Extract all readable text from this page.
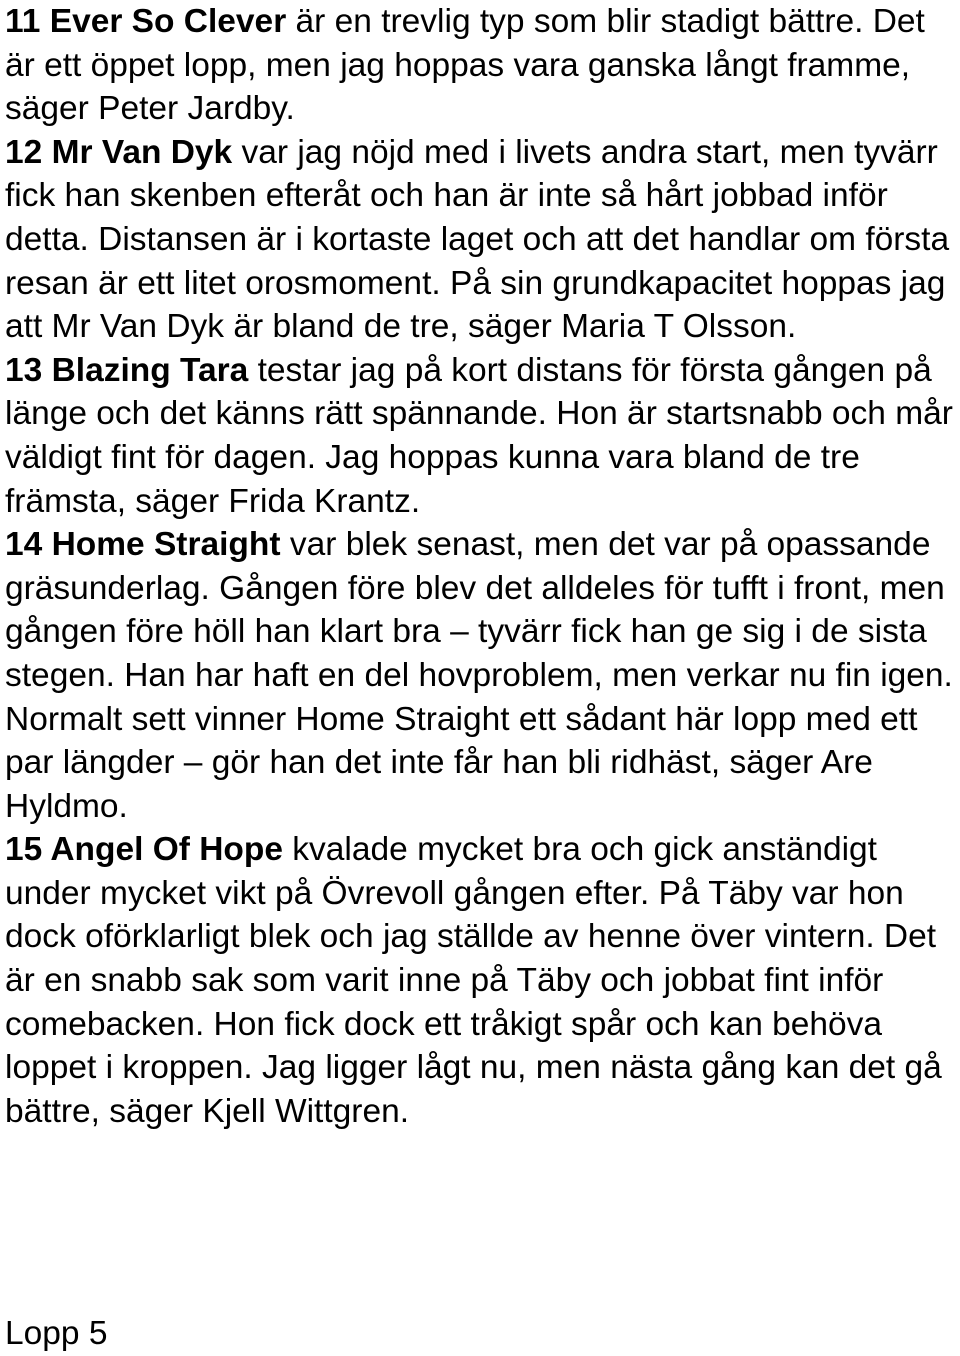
11 Ever So Clever är en trevlig typ som blir stadigt bättre. Det är ett öppet lopp, men jag hoppas vara ganska långt framme, säger Peter Jardby.

12 Mr Van Dyk var jag nöjd med i livets andra start, men tyvärr fick han skenben efteråt och han är inte så hårt jobbad inför detta. Distansen är i kortaste laget och att det handlar om första resan är ett litet orosmoment. På sin grundkapacitet hoppas jag att Mr Van Dyk är bland de tre, säger Maria T Olsson.

13 Blazing Tara testar jag på kort distans för första gången på länge och det känns rätt spännande. Hon är startsnabb och mår väldigt fint för dagen. Jag hoppas kunna vara bland de tre främsta, säger Frida Krantz.

14 Home Straight var blek senast, men det var på opassande gräsunderlag. Gången före blev det alldeles för tufft i front, men gången före höll han klart bra – tyvärr fick han ge sig i de sista stegen. Han har haft en del hovproblem, men verkar nu fin igen. Normalt sett vinner Home Straight ett sådant här lopp med ett par längder – gör han det inte får han bli ridhäst, säger Are Hyldmo.

15 Angel Of Hope kvalade mycket bra och gick anständigt under mycket vikt på Övrevoll gången efter. På Täby var hon dock oförklarligt blek och jag ställde av henne över vintern. Det är en snabb sak som varit inne på Täby och jobbat fint inför comebacken. Hon fick dock ett tråkigt spår och kan behöva loppet i kroppen. Jag ligger lågt nu, men nästa gång kan det gå bättre, säger Kjell Wittgren.

Lopp 5
